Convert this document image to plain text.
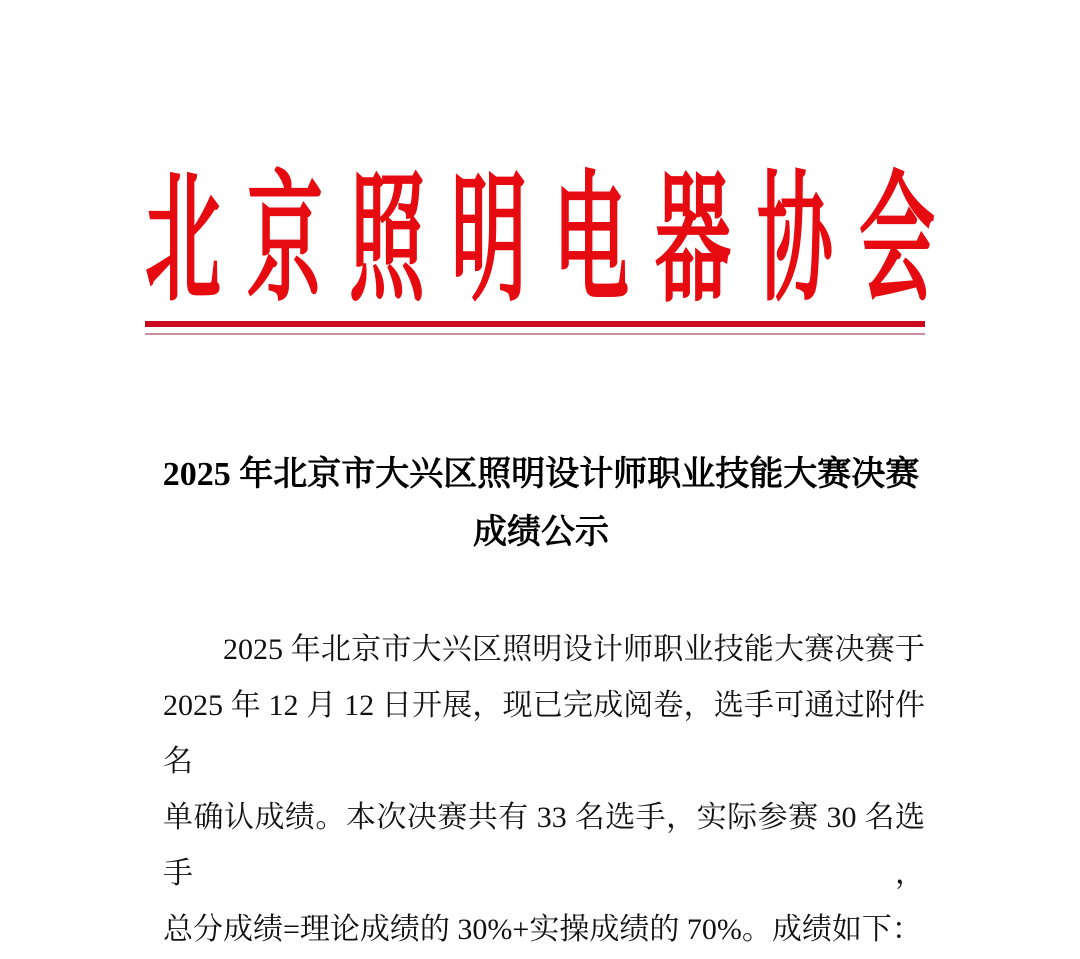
北京照明电器协会
2025 年北京市大兴区照明设计师职业技能大赛决赛
成绩公示
2025 年北京市大兴区照明设计师职业技能大赛决赛于
2025 年 12 月 12 日开展，现已完成阅卷，选手可通过附件名
单确认成绩。本次决赛共有 33 名选手，实际参赛 30 名选手，
总分成绩=理论成绩的 30%+实操成绩的 70%。成绩如下：
